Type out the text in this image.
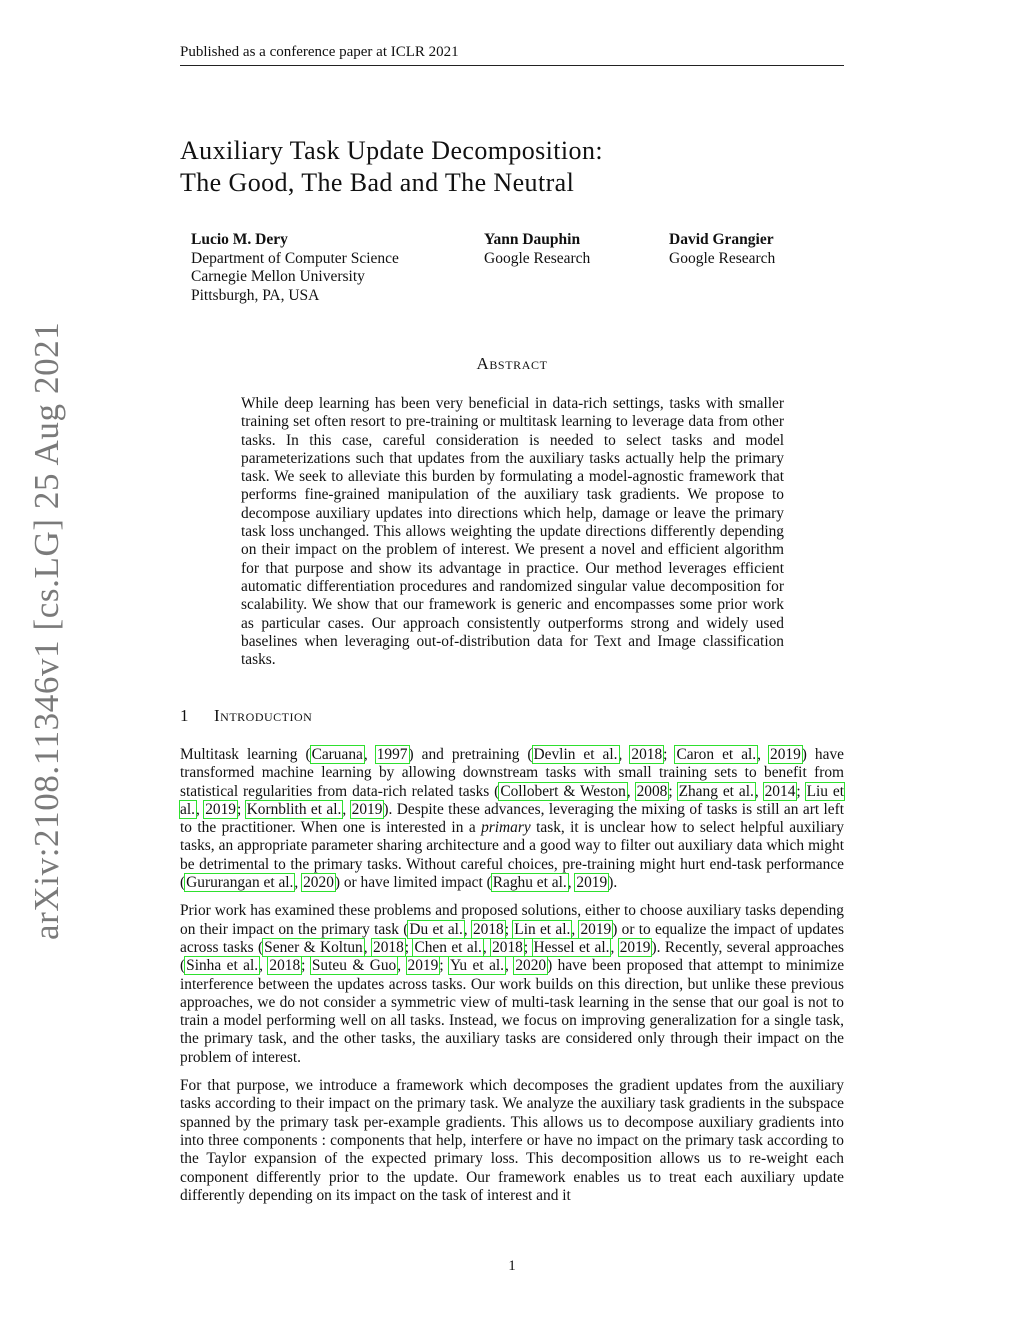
Published as a conference paper at ICLR 2021
Auxiliary Task Update Decomposition:
The Good, The Bad and The Neutral
Lucio M. Dery
Department of Computer Science
Carnegie Mellon University
Pittsburgh, PA, USA
Yann Dauphin
Google Research
David Grangier
Google Research
arXiv:2108.11346v1 [cs.LG] 25 Aug 2021	Abstract
While deep learning has been very beneficial in data-rich settings, tasks with smaller training set often resort to pre-training or multitask learning to leverage data from other tasks. In this case, careful consideration is needed to select tasks and model parameterizations such that updates from the auxiliary tasks actually help the primary task. We seek to alleviate this burden by formulating a model-agnostic framework that performs fine-grained manipulation of the auxiliary task gradients. We propose to decompose auxiliary updates into directions which help, damage or leave the primary task loss unchanged. This allows weighting the update directions differently depending on their impact on the problem of interest. We present a novel and efficient algorithm for that purpose and show its advantage in practice. Our method leverages efficient automatic differentiation procedures and randomized singular value decomposition for scalability. We show that our framework is generic and encompasses some prior work as particular cases. Our approach consistently outperforms strong and widely used baselines when leveraging out-of-distribution data for Text and Image classification tasks.
1 Introduction

Multitask learning (Caruana, 1997) and pretraining (Devlin et al., 2018; Caron et al., 2019) have transformed machine learning by allowing downstream tasks with small training sets to benefit from statistical regularities from data-rich related tasks (Collobert & Weston, 2008; Zhang et al., 2014; Liu et al., 2019; Kornblith et al., 2019). Despite these advances, leveraging the mixing of tasks is still an art left to the practitioner. When one is interested in a primary task, it is unclear how to select helpful auxiliary tasks, an appropriate parameter sharing architecture and a good way to filter out auxiliary data which might be detrimental to the primary tasks. Without careful choices, pre-training might hurt end-task performance (Gururangan et al., 2020) or have limited impact (Raghu et al., 2019).

Prior work has examined these problems and proposed solutions, either to choose auxiliary tasks depending on their impact on the primary task (Du et al., 2018; Lin et al., 2019) or to equalize the impact of updates across tasks (Sener & Koltun, 2018; Chen et al., 2018; Hessel et al., 2019). Recently, several approaches (Sinha et al., 2018; Suteu & Guo, 2019; Yu et al., 2020) have been proposed that attempt to minimize interference between the updates across tasks. Our work builds on this direction, but unlike these previous approaches, we do not consider a symmetric view of multi-task learning in the sense that our goal is not to train a model performing well on all tasks. Instead, we focus on improving generalization for a single task, the primary task, and the other tasks, the auxiliary tasks are considered only through their impact on the problem of interest.

For that purpose, we introduce a framework which decomposes the gradient updates from the auxiliary tasks according to their impact on the primary task. We analyze the auxiliary task gradients in the subspace spanned by the primary task per-example gradients. This allows us to decompose auxiliary gradients into into three components : components that help, interfere or have no impact on the primary task according to the Taylor expansion of the expected primary loss. This decomposition allows us to re-weight each component differently prior to the update. Our framework enables us to treat each auxiliary update differently depending on its impact on the task of interest and it

1
